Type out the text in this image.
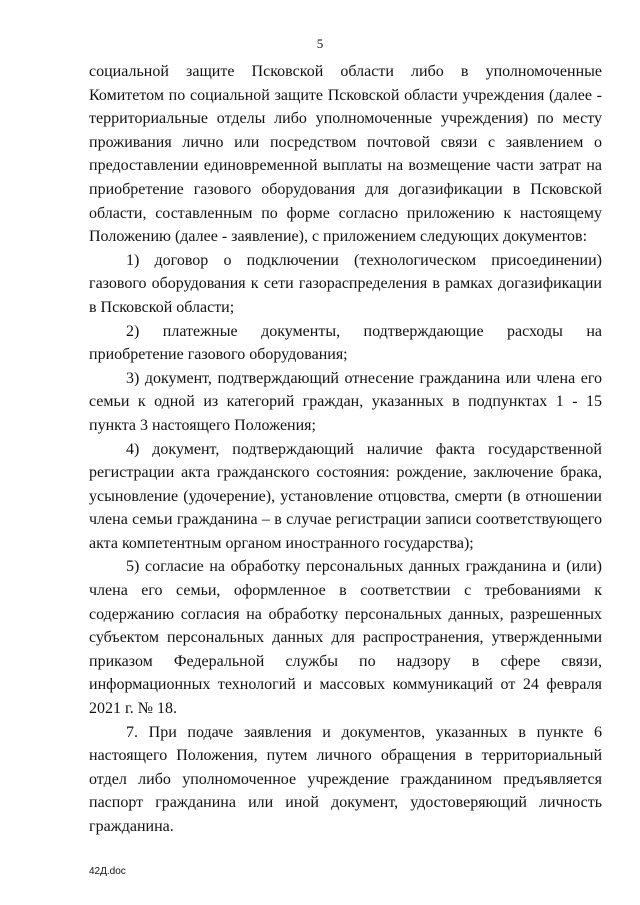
5

социальной защите Псковской области либо в уполномоченные Комитетом по социальной защите Псковской области учреждения (далее - территориальные отделы либо уполномоченные учреждения) по месту проживания лично или посредством почтовой связи с заявлением о предоставлении единовременной выплаты на возмещение части затрат на приобретение газового оборудования для догазификации в Псковской области, составленным по форме согласно приложению к настоящему Положению (далее - заявление), с приложением следующих документов:

1) договор о подключении (технологическом присоединении) газового оборудования к сети газораспределения в рамках догазификации в Псковской области;

2) платежные документы, подтверждающие расходы на приобретение газового оборудования;

3) документ, подтверждающий отнесение гражданина или члена его семьи к одной из категорий граждан, указанных в подпунктах 1 - 15 пункта 3 настоящего Положения;

4) документ, подтверждающий наличие факта государственной регистрации акта гражданского состояния: рождение, заключение брака, усыновление (удочерение), установление отцовства, смерти (в отношении члена семьи гражданина – в случае регистрации записи соответствующего акта компетентным органом иностранного государства);

5) согласие на обработку персональных данных гражданина и (или) члена его семьи, оформленное в соответствии с требованиями к содержанию согласия на обработку персональных данных, разрешенных субъектом персональных данных для распространения, утвержденными приказом Федеральной службы по надзору в сфере связи, информационных технологий и массовых коммуникаций от 24 февраля 2021 г. № 18.

7. При подаче заявления и документов, указанных в пункте 6 настоящего Положения, путем личного обращения в территориальный отдел либо уполномоченное учреждение гражданином предъявляется паспорт гражданина или иной документ, удостоверяющий личность гражданина.

42Д.doc
